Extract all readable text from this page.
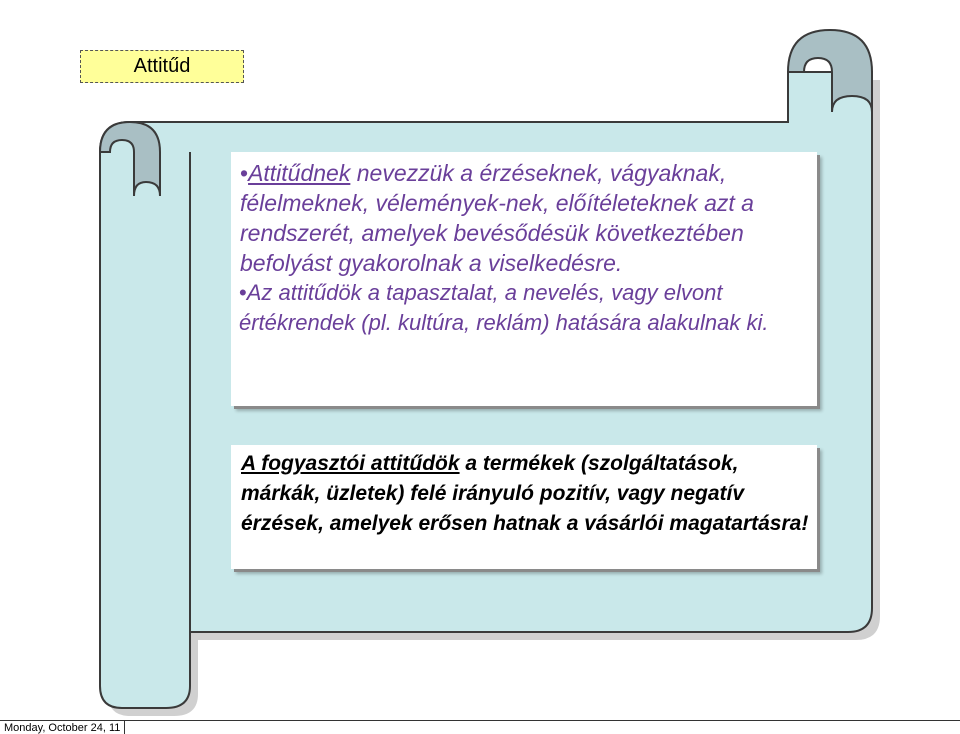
Attitűd
•Attitűdnek nevezzük a érzéseknek, vágyaknak, félelmeknek, vélemények-nek, előítéleteknek azt a rendszerét, amelyek bevésődésük következtében befolyást gyakorolnak a viselkedésre.
•Az attitűdök a tapasztalat, a nevelés, vagy elvont értékrendek (pl. kultúra, reklám) hatására alakulnak ki.
A fogyasztói attitűdök a termékek (szolgáltatások, márkák, üzletek) felé irányuló pozitív, vagy negatív érzések, amelyek erősen hatnak a vásárlói magatartásra!
Monday, October 24, 11
